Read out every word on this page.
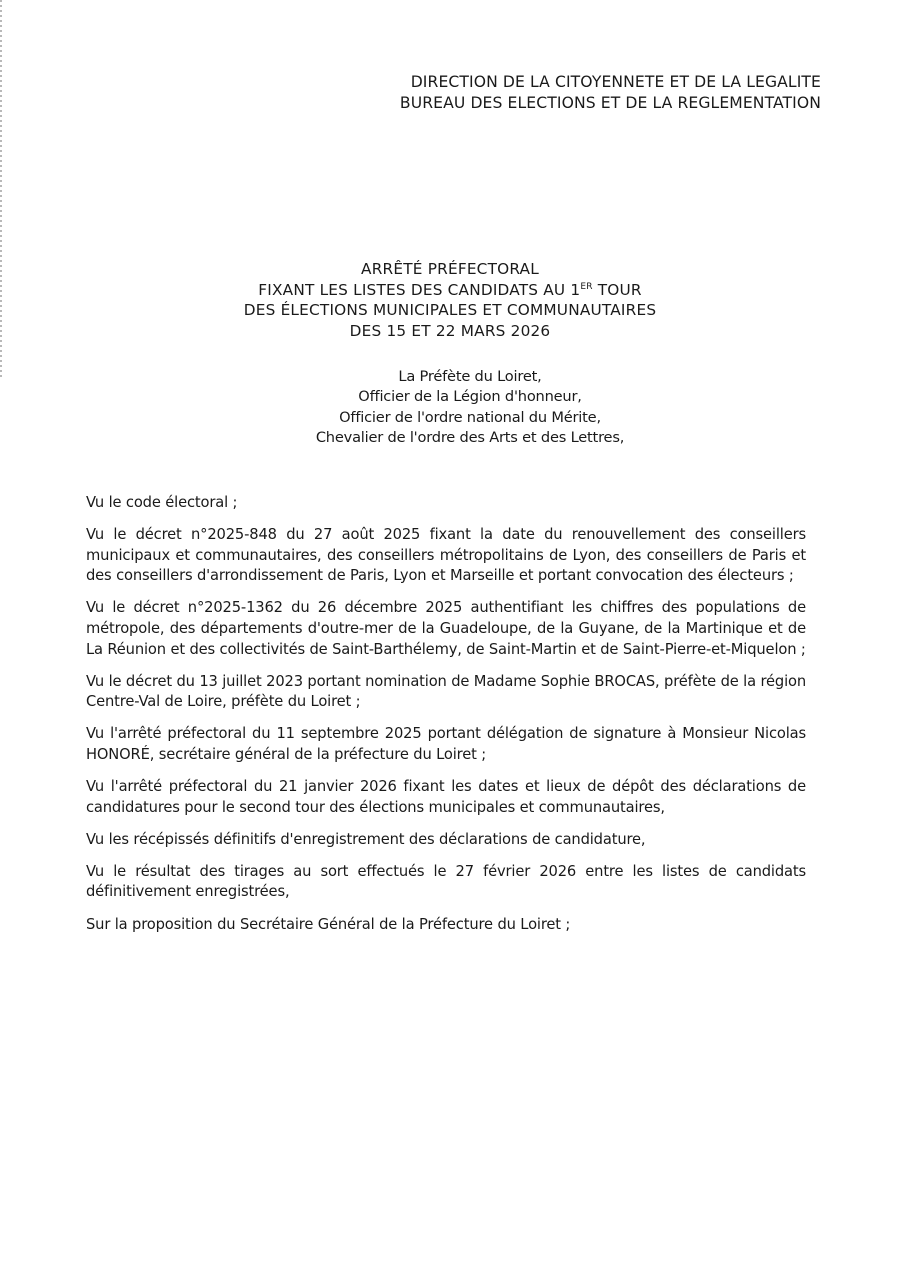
DIRECTION DE LA CITOYENNETE ET DE LA LEGALITE
BUREAU DES ELECTIONS ET DE LA REGLEMENTATION
ARRÊTÉ PRÉFECTORAL
FIXANT LES LISTES DES CANDIDATS AU 1ER TOUR
DES ÉLECTIONS MUNICIPALES ET COMMUNAUTAIRES
DES 15 ET 22 MARS 2026
La Préfète du Loiret,
Officier de la Légion d'honneur,
Officier de l'ordre national du Mérite,
Chevalier de l'ordre des Arts et des Lettres,

Vu le code électoral ;

Vu le décret n°2025-848 du 27 août 2025 fixant la date du renouvellement des conseillers municipaux et communautaires, des conseillers métropolitains de Lyon, des conseillers de Paris et des conseillers d'arrondissement de Paris, Lyon et Marseille et portant convocation des électeurs ;

Vu le décret n°2025-1362 du 26 décembre 2025 authentifiant les chiffres des populations de métropole, des départements d'outre-mer de la Guadeloupe, de la Guyane, de la Martinique et de La Réunion et des collectivités de Saint-Barthélemy, de Saint-Martin et de Saint-Pierre-et-Miquelon ;

Vu le décret du 13 juillet 2023 portant nomination de Madame Sophie BROCAS, préfète de la région Centre-Val de Loire, préfète du Loiret ;

Vu l'arrêté préfectoral du 11 septembre 2025 portant délégation de signature à Monsieur Nicolas HONORÉ, secrétaire général de la préfecture du Loiret ;

Vu l'arrêté préfectoral du 21 janvier 2026 fixant les dates et lieux de dépôt des déclarations de candidatures pour le second tour des élections municipales et communautaires,

Vu les récépissés définitifs d'enregistrement des déclarations de candidature,

Vu le résultat des tirages au sort effectués le 27 février 2026 entre les listes de candidats définitivement enregistrées,

Sur la proposition du Secrétaire Général de la Préfecture du Loiret ;
